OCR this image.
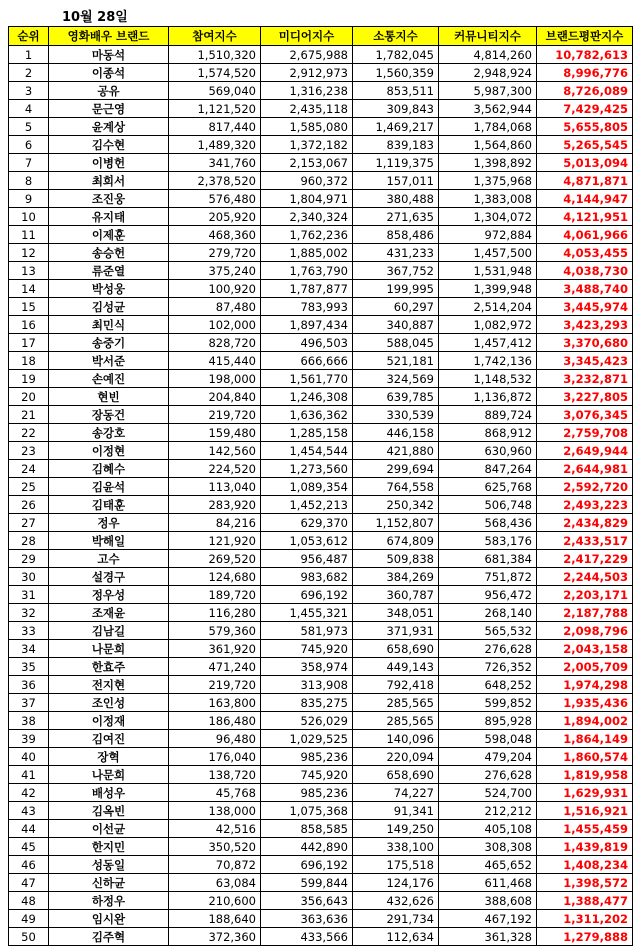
10월 28일
순위	영화배우 브랜드	참여지수	미디어지수	소통지수	커뮤니티지수	브랜드평판지수
1	마동석	1,510,320	2,675,988	1,782,045	4,814,260	10,782,613
2	이종석	1,574,520	2,912,973	1,560,359	2,948,924	8,996,776
3	공유	569,040	1,316,238	853,511	5,987,300	8,726,089
4	문근영	1,121,520	2,435,118	309,843	3,562,944	7,429,425
5	윤계상	817,440	1,585,080	1,469,217	1,784,068	5,655,805
6	김수현	1,489,320	1,372,182	839,183	1,564,860	5,265,545
7	이병헌	341,760	2,153,067	1,119,375	1,398,892	5,013,094
8	최희서	2,378,520	960,372	157,011	1,375,968	4,871,871
9	조진웅	576,480	1,804,971	380,488	1,383,008	4,144,947
10	유지태	205,920	2,340,324	271,635	1,304,072	4,121,951
11	이제훈	468,360	1,762,236	858,486	972,884	4,061,966
12	송승헌	279,720	1,885,002	431,233	1,457,500	4,053,455
13	류준열	375,240	1,763,790	367,752	1,531,948	4,038,730
14	박성웅	100,920	1,787,877	199,995	1,399,948	3,488,740
15	김성균	87,480	783,993	60,297	2,514,204	3,445,974
16	최민식	102,000	1,897,434	340,887	1,082,972	3,423,293
17	송중기	828,720	496,503	588,045	1,457,412	3,370,680
18	박서준	415,440	666,666	521,181	1,742,136	3,345,423
19	손예진	198,000	1,561,770	324,569	1,148,532	3,232,871
20	현빈	204,840	1,246,308	639,785	1,136,872	3,227,805
21	장동건	219,720	1,636,362	330,539	889,724	3,076,345
22	송강호	159,480	1,285,158	446,158	868,912	2,759,708
23	이정현	142,560	1,454,544	421,880	630,960	2,649,944
24	김혜수	224,520	1,273,560	299,694	847,264	2,644,981
25	김윤석	113,040	1,089,354	764,558	625,768	2,592,720
26	김태훈	283,920	1,452,213	250,342	506,748	2,493,223
27	정우	84,216	629,370	1,152,807	568,436	2,434,829
28	박해일	121,920	1,053,612	674,809	583,176	2,433,517
29	고수	269,520	956,487	509,838	681,384	2,417,229
30	설경구	124,680	983,682	384,269	751,872	2,244,503
31	정우성	189,720	696,192	360,787	956,472	2,203,171
32	조재윤	116,280	1,455,321	348,051	268,140	2,187,788
33	김남길	579,360	581,973	371,931	565,532	2,098,796
34	나문희	361,920	745,920	658,690	276,628	2,043,158
35	한효주	471,240	358,974	449,143	726,352	2,005,709
36	전지현	219,720	313,908	792,418	648,252	1,974,298
37	조인성	163,800	835,275	285,565	599,852	1,935,436
38	이정재	186,480	526,029	285,565	895,928	1,894,002
39	김여진	96,480	1,029,525	140,096	598,048	1,864,149
40	장혁	176,040	985,236	220,094	479,204	1,860,574
41	나문희	138,720	745,920	658,690	276,628	1,819,958
42	배성우	45,768	985,236	74,227	524,700	1,629,931
43	김옥빈	138,000	1,075,368	91,341	212,212	1,516,921
44	이선균	42,516	858,585	149,250	405,108	1,455,459
45	한지민	350,520	442,890	338,100	308,308	1,439,819
46	성동일	70,872	696,192	175,518	465,652	1,408,234
47	신하균	63,084	599,844	124,176	611,468	1,398,572
48	하정우	210,600	356,643	432,626	388,608	1,388,477
49	임시완	188,640	363,636	291,734	467,192	1,311,202
50	김주혁	372,360	433,566	112,634	361,328	1,279,888
